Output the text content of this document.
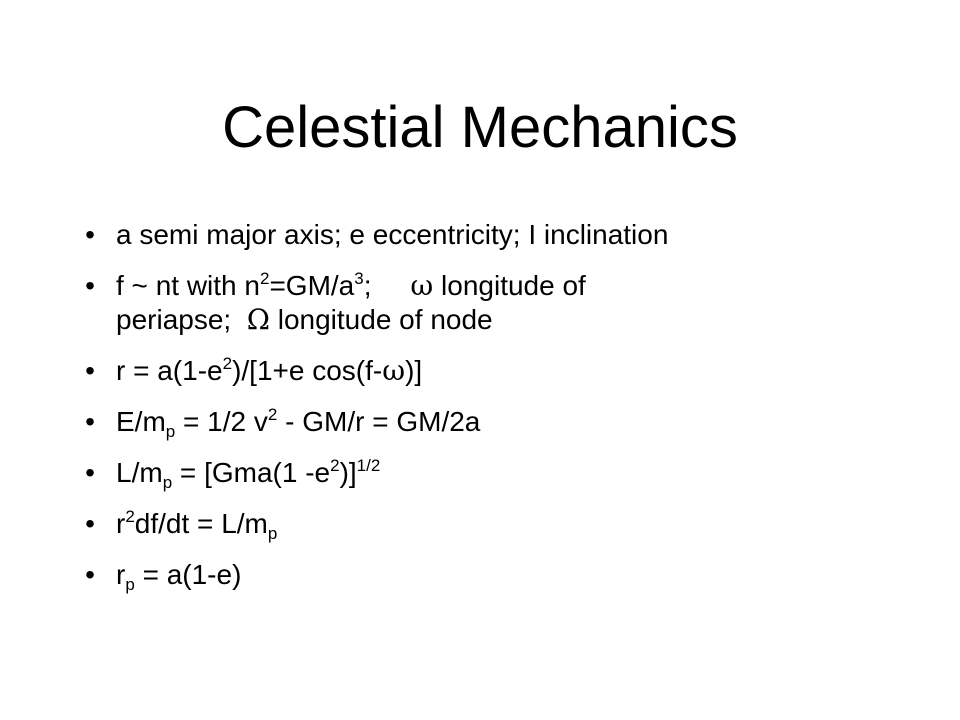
Celestial Mechanics
• a semi major axis; e eccentricity; I inclination
• f ~ nt with $n^2=GM/a^3$;     ω longitude of
periapse;  Ω longitude of node
• $r = a(1-e^2)/[1+e$ cos(f-ω)]
• $E/m_p = 1/2$ $v^2 - GM/r = GM/2a$
• $L/m_p = [Gma(1$ $-e^2)]^{1/2}$
• $r^2df/dt = L/m_p$
• $r_p = a(1-e)$
